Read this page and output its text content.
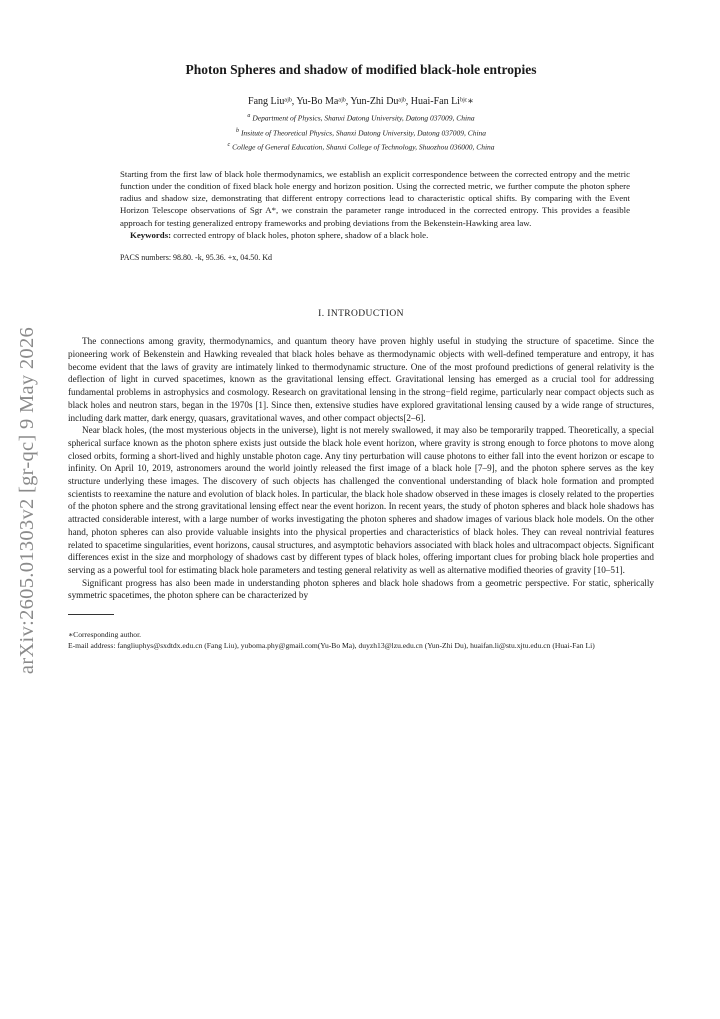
arXiv:2605.01303v2 [gr-qc] 9 May 2026
Photon Spheres and shadow of modified black-hole entropies
Fang Liuᵃʲᵇ, Yu-Bo Maᵃʲᵇ, Yun-Zhi Duᵃʲᵇ, Huai-Fan Liᵇʲᶜ∗
$^a$ Department of Physics, Shanxi Datong University, Datong 037009, China
$^b$ Insitute of Theoretical Physics, Shanxi Datong University, Datong 037009, China
$^c$ College of General Education, Shanxi College of Technology, Shuozhou 036000, China
Starting from the first law of black hole thermodynamics, we establish an explicit correspondence between the corrected entropy and the metric function under the condition of fixed black hole energy and horizon position. Using the corrected metric, we further compute the photon sphere radius and shadow size, demonstrating that different entropy corrections lead to characteristic optical shifts. By comparing with the Event Horizon Telescope observations of Sgr A*, we constrain the parameter range introduced in the corrected entropy. This provides a feasible approach for testing generalized entropy frameworks and probing deviations from the Bekenstein-Hawking area law.
Keywords: corrected entropy of black holes, photon sphere, shadow of a black hole.
PACS numbers: 98.80. -k, 95.36. +x, 04.50. Kd
I. INTRODUCTION

The connections among gravity, thermodynamics, and quantum theory have proven highly useful in studying the structure of spacetime. Since the pioneering work of Bekenstein and Hawking revealed that black holes behave as thermodynamic objects with well-defined temperature and entropy, it has become evident that the laws of gravity are intimately linked to thermodynamic structure. One of the most profound predictions of general relativity is the deflection of light in curved spacetimes, known as the gravitational lensing effect. Gravitational lensing has emerged as a crucial tool for addressing fundamental problems in astrophysics and cosmology. Research on gravitational lensing in the strong−field regime, particularly near compact objects such as black holes and neutron stars, began in the 1970s [1]. Since then, extensive studies have explored gravitational lensing caused by a wide range of structures, including dark matter, dark energy, quasars, gravitational waves, and other compact objects[2–6].

Near black holes, (the most mysterious objects in the universe), light is not merely swallowed, it may also be temporarily trapped. Theoretically, a special spherical surface known as the photon sphere exists just outside the black hole event horizon, where gravity is strong enough to force photons to move along closed orbits, forming a short-lived and highly unstable photon cage. Any tiny perturbation will cause photons to either fall into the event horizon or escape to infinity. On April 10, 2019, astronomers around the world jointly released the first image of a black hole [7–9], and the photon sphere serves as the key structure underlying these images. The discovery of such objects has challenged the conventional understanding of black hole formation and prompted scientists to reexamine the nature and evolution of black holes. In particular, the black hole shadow observed in these images is closely related to the properties of the photon sphere and the strong gravitational lensing effect near the event horizon. In recent years, the study of photon spheres and black hole shadows has attracted considerable interest, with a large number of works investigating the photon spheres and shadow images of various black hole models. On the other hand, photon spheres can also provide valuable insights into the physical properties and characteristics of black holes. They can reveal nontrivial features related to spacetime singularities, event horizons, causal structures, and asymptotic behaviors associated with black holes and ultracompact objects. Significant differences exist in the size and morphology of shadows cast by different types of black holes, offering important clues for probing black hole properties and serving as a powerful tool for estimating black hole parameters and testing general relativity as well as alternative modified theories of gravity [10–51].

Significant progress has also been made in understanding photon spheres and black hole shadows from a geometric perspective. For static, spherically symmetric spacetimes, the photon sphere can be characterized by

∗Corresponding author.
E-mail address: fangliuphys@sxdtdx.edu.cn (Fang Liu), yuboma.phy@gmail.com(Yu-Bo Ma), duyzh13@lzu.edu.cn (Yun-Zhi Du), huaifan.li@stu.xjtu.edu.cn (Huai-Fan Li)
